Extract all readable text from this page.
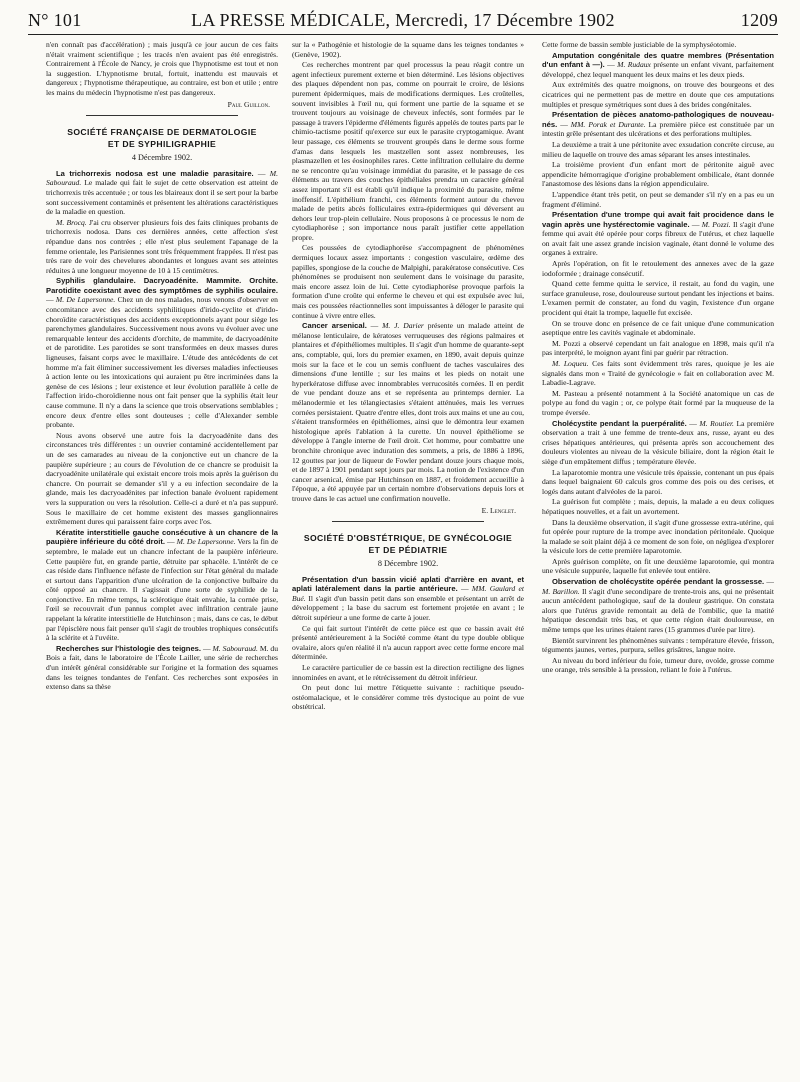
N° 101	LA PRESSE MÉDICALE, Mercredi, 17 Décembre 1902	1209

n'en connaît pas d'accélération) ; mais jusqu'à ce jour aucun de ces faits n'était vraiment scientifique ; les tracés n'en avaient pas été enregistrés. Contrairement à l'École de Nancy, je crois que l'hypnotisme est tout et non la suggestion. L'hypnotisme brutal, fortuit, inattendu est mauvais et dangereux ; l'hypnotisme thérapeutique, au contraire, est bon et utile ; entre les mains du médecin l'hypnotisme n'est pas dangereux.

Paul Guillon.

SOCIÉTÉ FRANÇAISE DE DERMATOLOGIE
ET DE SYPHILIGRAPHIE
4 Décembre 1902.

La trichorrexis nodosa est une maladie parasitaire. — M. Sabouraud. Le malade qui fait le sujet de cette observation est atteint de trichorrexis très accentuée ; or tous les blaireaux dont il se sert pour la barbe sont successivement contaminés et présentent les altérations caractéristiques de la maladie en question.

M. Brocq. J'ai cru observer plusieurs fois des faits cliniques probants de trichorrexis nodosa. Dans ces dernières années, cette affection s'est répandue dans nos contrées ; elle n'est plus seulement l'apanage de la femme orientale, les Parisiennes sont très fréquemment frappées. Il n'est pas très rare de voir des chevelures abondantes et longues avant ses atteintes réduites à une longueur moyenne de 10 à 15 centimètres.

Syphilis glandulaire. Dacryoadénite. Mammite. Orchite. Parotidite coexistant avec des symptômes de syphilis oculaire. — M. De Lapersonne. Chez un de nos malades, nous venons d'observer en concomitance avec des accidents syphilitiques d'irido-cyclite et d'irido-choroïdite caractéristiques des accidents exceptionnels ayant pour siège les parenchymes glandulaires. Successivement nous avons vu évoluer avec une remarquable lenteur des accidents d'orchite, de mammite, de dacryoadénite et de parotidite. Les parotides se sont transformées en deux masses dures ligneuses, faisant corps avec le maxillaire. L'étude des antécédents de cet homme m'a fait éliminer successivement les diverses maladies infectieuses à action lente ou les intoxications qui auraient pu être incriminées dans la genèse de ces lésions ; leur existence et leur évolution parallèle à celle de l'affection irido-choroïdienne nous ont fait penser que la syphilis était leur cause commune. Il n'y a dans la science que trois observations semblables ; encore deux d'entre elles sont douteuses ; celle d'Alexander semble probante.

Nous avons observé une autre fois la dacryoadénite dans des circonstances très différentes : un ouvrier contaminé accidentellement par un de ses camarades au niveau de la conjonctive eut un chancre de la paupière supérieure ; au cours de l'évolution de ce chancre se produisit la dacryoadénite unilatérale qui existait encore trois mois après la guérison du chancre. On pourrait se demander s'il y a eu infection secondaire de la glande, mais les dacryoadénites par infection banale évoluent rapidement vers la suppuration ou vers la résolution. Celle-ci a duré et n'a pas suppuré. Sous le maxillaire de cet homme existent des masses ganglionnaires extrêmement dures qui paraissent faire corps avec l'os.

Kératite interstitielle gauche consécutive à un chancre de la paupière inférieure du côté droit. — M. De Lapersonne. Vers la fin de septembre, le malade eut un chancre infectant de la paupière inférieure. Cette paupière fut, en grande partie, détruite par sphacèle. L'intérêt de ce cas réside dans l'influence néfaste de l'infection sur l'état général du malade et surtout dans l'apparition d'une ulcération de la conjonctive bulbaire du côté opposé au chancre. Il s'agissait d'une sorte de syphilide de la conjonctive. En même temps, la sclérotique était envahie, la cornée prise, l'œil se recouvrait d'un pannus complet avec infiltration centrale jaune rappelant la kératite interstitielle de Hutchinson ; mais, dans ce cas, le début par l'épisclère nous fait penser qu'il s'agit de troubles trophiques consécutifs à la sclérite et à l'uvéite.

Recherches sur l'histologie des teignes. — M. Sabouraud. M. du Bois a fait, dans le laboratoire de l'École Lailler, une série de recherches d'un intérêt général considérable sur l'origine et la formation des squames dans les teignes tondantes de l'enfant. Ces recherches sont exposées in extenso dans sa thèse

sur la « Pathogénie et histologie de la squame dans les teignes tondantes » (Genève, 1902).

Ces recherches montrent par quel processus la peau réagit contre un agent infectieux purement externe et bien déterminé. Les lésions objectives des plaques dépendent non pas, comme on pourrait le croire, de lésions purement épidermiques, mais de modifications dermiques. Les croûtelles, souvent invisibles à l'œil nu, qui forment une partie de la squame et se trouvent toujours au voisinage de cheveux infectés, sont formées par le passage à travers l'épiderme d'éléments figurés appelés de toutes parts par le chimio-tactisme positif qu'exerce sur eux le parasite cryptogamique. Avant leur passage, ces éléments se trouvent groupés dans le derme sous forme d'amas dans lesquels les mastzellen sont assez nombreuses, les plasmazellen et les éosinophiles rares. Cette infiltration cellulaire du derme ne se rencontre qu'au voisinage immédiat du parasite, et le passage de ces éléments au travers des couches épithéliales prendra un caractère général assez important s'il est établi qu'il indique la proximité du parasite, même inoffensif. L'épithélium franchi, ces éléments forment autour du cheveu malade de petits abcès folliculaires extra-épidermiques qui déversent au dehors leur trop-plein cellulaire. Nous proposons à ce processus le nom de cytodiaphorèse ; son importance nous paraît justifier cette appellation propre.

Ces poussées de cytodiaphorèse s'accompagnent de phénomènes dermiques locaux assez importants : congestion vasculaire, œdème des papilles, spongiose de la couche de Malpighi, parakératose consécutive. Ces phénomènes se produisent non seulement dans le voisinage du parasite, mais encore assez loin de lui. Cette cytodiaphorèse provoque parfois la formation d'une croûte qui enferme le cheveu et qui est expulsée avec lui, mais ces poussées réactionnelles sont impuissantes à déloger le parasite qui continue à vivre entre elles.

Cancer arsenical. — M. J. Darier présente un malade atteint de mélanose lenticulaire, de kératoses verruqueuses des régions palmaires et plantaires et d'épithéliomes multiples. Il s'agit d'un homme de quarante-sept ans, comptable, qui, lors du premier examen, en 1890, avait depuis quinze mois sur la face et le cou un semis confluent de taches vasculaires des dimensions d'une lentille ; sur les mains et les pieds on notait une hyperkératose diffuse avec innombrables verrucosités cornées. Il en perdit de vue pendant douze ans et se représenta au printemps dernier. La mélanodermie et les télangiectasies s'étaient atténuées, mais les verrues cornées persistaient. Quatre d'entre elles, dont trois aux mains et une au cou, s'étaient transformées en épithéliomes, ainsi que le démontra leur examen histologique après l'ablation à la curette. Un nouvel épithéliome se développe à l'angle interne de l'œil droit. Cet homme, pour combattre une bronchite chronique avec induration des sommets, a pris, de 1886 à 1896, 12 gouttes par jour de liqueur de Fowler pendant douze jours chaque mois, et de 1897 à 1901 pendant sept jours par mois. La notion de l'existence d'un cancer arsenical, émise par Hutchinson en 1887, et froidement accueillie à l'époque, a été appuyée par un certain nombre d'observations depuis lors et trouve dans le cas actuel une confirmation nouvelle.

E. Lenglet.

SOCIÉTÉ D'OBSTÉTRIQUE, DE GYNÉCOLOGIE
ET DE PÉDIATRIE
8 Décembre 1902.

Présentation d'un bassin vicié aplati d'arrière en avant, et aplati latéralement dans la partie antérieure. — MM. Gaulard et Bué. Il s'agit d'un bassin petit dans son ensemble et présentant un arrêt de développement ; la base du sacrum est fortement projetée en avant ; le détroit supérieur a une forme de carte à jouer.

Ce qui fait surtout l'intérêt de cette pièce est que ce bassin avait été présenté antérieurement à la Société comme étant du type double oblique ovalaire, alors qu'en réalité il n'a aucun rapport avec cette forme encore mal déterminée.

Le caractère particulier de ce bassin est la direction rectiligne des lignes innominées en avant, et le rétrécissement du détroit inférieur.

On peut donc lui mettre l'étiquette suivante : rachitique pseudo-ostéomalacique, et le considérer comme très dystocique au point de vue obstétrical.

Cette forme de bassin semble justiciable de la symphyséotomie.

Amputation congénitale des quatre membres (Présentation d'un enfant à —). — M. Rudaux présente un enfant vivant, parfaitement développé, chez lequel manquent les deux mains et les deux pieds.

Aux extrémités des quatre moignons, on trouve des bourgeons et des cicatrices qui ne permettent pas de mettre en doute que ces amputations multiples et presque symétriques sont dues à des brides congénitales.

Présentation de pièces anatomo-pathologiques de nouveau-nés. — MM. Porak et Durante. La première pièce est constituée par un intestin grêle présentant des ulcérations et des perforations multiples.

La deuxième a trait à une péritonite avec exsudation concrète circuse, au milieu de laquelle on trouve des amas séparant les anses intestinales.

La troisième provient d'un enfant mort de péritonite aiguë avec appendicite hémorragique d'origine probablement ombilicale, étant donnée l'anastomose des lésions dans la région appendiculaire.

L'appendice étant très petit, on peut se demander s'il n'y en a pas eu un fragment d'éliminé.

Présentation d'une trompe qui avait fait procidence dans le vagin après une hystérectomie vaginale. — M. Pozzi. Il s'agit d'une femme qui avait été opérée pour corps fibreux de l'utérus, et chez laquelle on avait fait une assez grande incision vaginale, étant donné le volume des organes à extraire.

Après l'opération, on fit le retoulement des annexes avec de la gaze iodoformée ; drainage consécutif.

Quand cette femme quitta le service, il restait, au fond du vagin, une surface granuleuse, rose, douloureuse surtout pendant les injections et bains. L'examen permit de constater, au fond du vagin, l'existence d'un organe procident qui était la trompe, laquelle fut excisée.

On se trouve donc en présence de ce fait unique d'une communication aseptique entre les cavités vaginale et abdominale.

M. Pozzi a observé cependant un fait analogue en 1898, mais qu'il n'a pas interprété, le moignon ayant fini par guérir par rétraction.

M. Loqueu. Ces faits sont évidemment très rares, quoique je les aie signalés dans mon « Traité de gynécologie » fait en collaboration avec M. Labadie-Lagrave.

M. Pasteau a présenté notamment à la Société anatomique un cas de polype au fond du vagin ; or, ce polype était formé par la muqueuse de la trompe éversée.

Cholécystite pendant la puerpéralité. — M. Routier. La première observation a trait à une femme de trente-deux ans, russe, ayant eu des crises hépatiques antérieures, qui présenta après son accouchement des douleurs violentes au niveau de la vésicule biliaire, dont la région était le siège d'un empâtement diffus ; température élevée.

La laparotomie montra une vésicule très épaissie, contenant un pus épais dans lequel baignaient 60 calculs gros comme des pois ou des cerises, et logés dans autant d'alvéoles de la paroi.

La guérison fut complète ; mais, depuis, la malade a eu deux coliques hépatiques nouvelles, et a fait un avortement.

Dans la deuxième observation, il s'agit d'une grossesse extra-utérine, qui fut opérée pour rupture de la trompe avec inondation péritonéale. Quoique la malade se soit plaint déjà à ce moment de son foie, on négligea d'explorer la vésicule lors de cette première laparotomie.

Après guérison complète, on fit une deuxième laparotomie, qui montra une vésicule suppurée, laquelle fut enlevée tout entière.

Observation de cholécystite opérée pendant la grossesse. — M. Barillon. Il s'agit d'une secondipare de trente-trois ans, qui ne présentait aucun antécédent pathologique, sauf de la douleur gastrique. On constata alors que l'utérus gravide remontait au delà de l'ombilic, que la matité hépatique descendait très bas, et que cette région était douloureuse, en même temps que les urines étaient rares (15 grammes d'urée par litre).

Bientôt survinrent les phénomènes suivants : température élevée, frisson, téguments jaunes, vertes, purpura, selles grisâtres, langue noire.

Au niveau du bord inférieur du foie, tumeur dure, ovoïde, grosse comme une orange, très sensible à la pression, reliant le foie à l'utérus.
